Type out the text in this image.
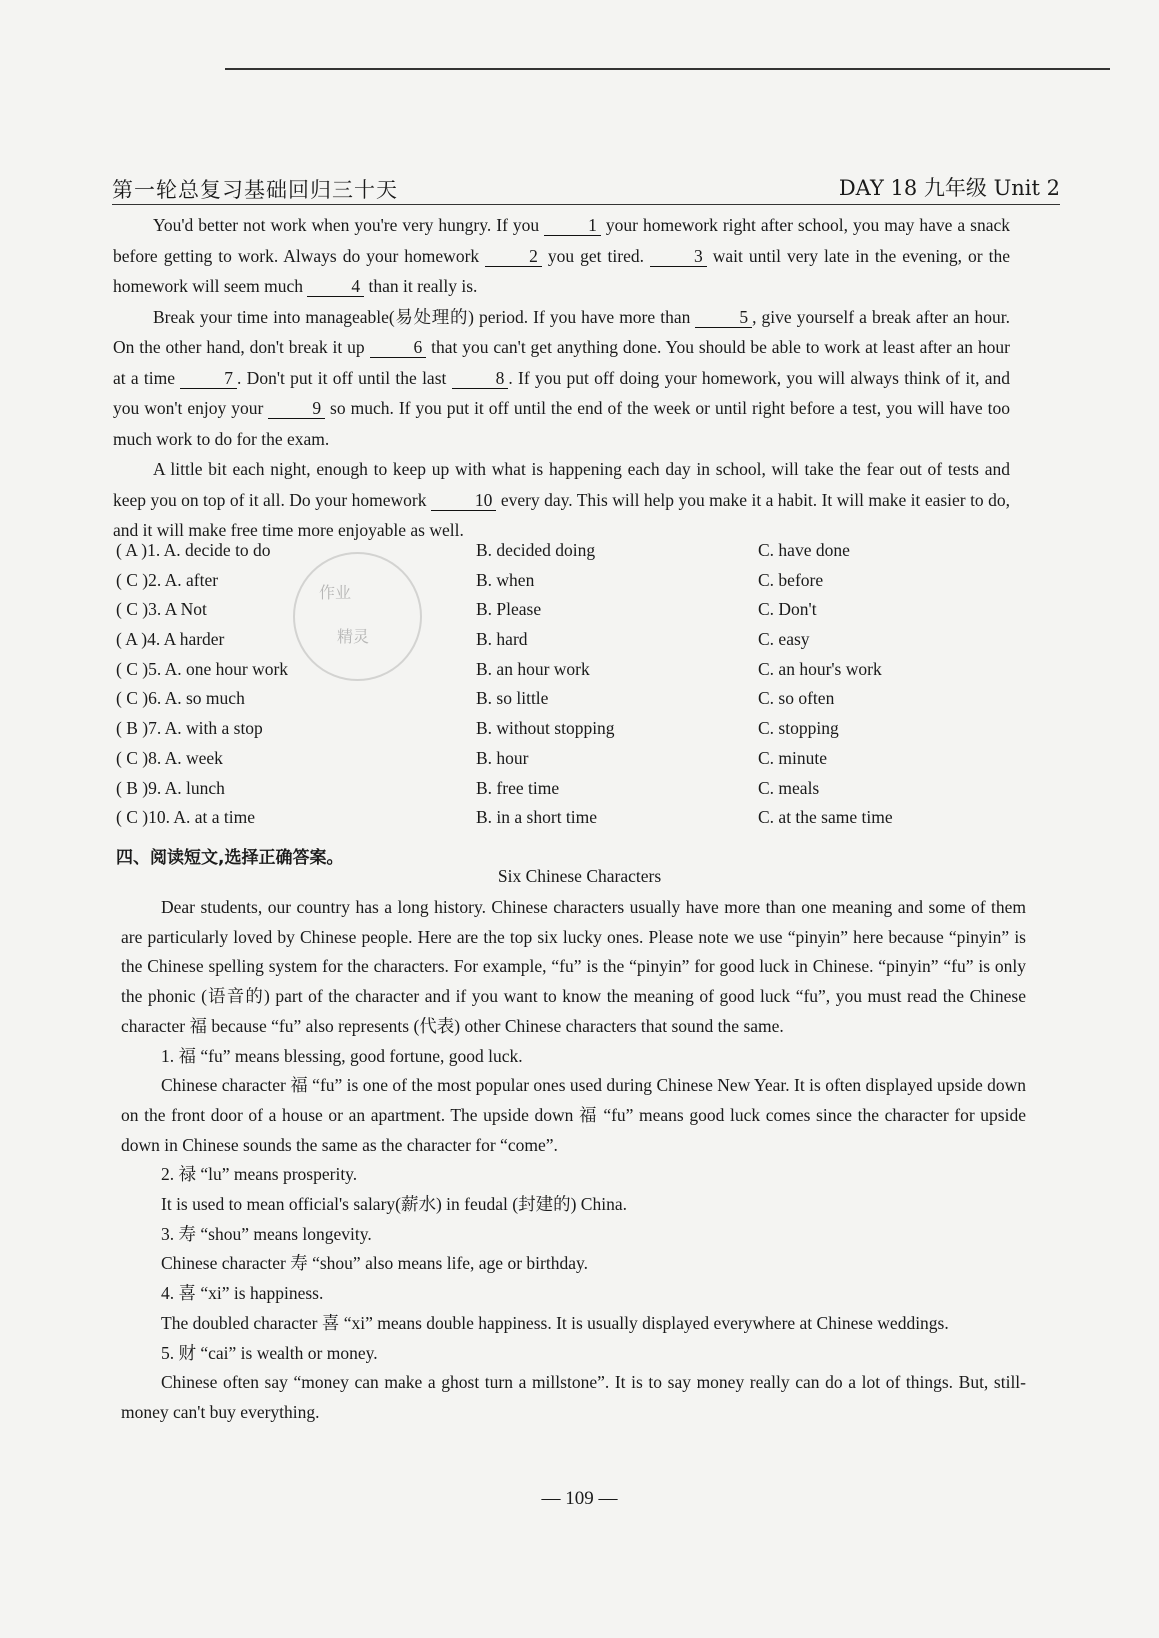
第一轮总复习基础回归三十天	DAY 18 九年级 Unit 2

You'd better not work when you're very hungry. If you	1 your homework right after school, you may have a snack before getting to work. Always do your homework	2 you get tired.	3 wait until very late in the evening, or the homework will seem much	4 than it really is.

Break your time into manageable(易处理的) period. If you have more than	5 , give yourself a break after an hour. On the other hand, don't break it up	6 that you can't get anything done. You should be able to work at least after an hour at a time	7 . Don't put it off until the last	8 . If you put off doing your homework, you will always think of it, and you won't enjoy your	9 so much. If you put it off until the end of the week or until right before a test, you will have too much work to do for the exam.

A little bit each night, enough to keep up with what is happening each day in school, will take the fear out of tests and keep you on top of it all. Do your homework	10 every day. This will help you make it a habit. It will make it easier to do, and it will make free time more enjoyable as well.

作业
精灵
( A )1. A. decide to do	B. decided doing	C. have done
( C )2. A. after	B. when	C. before
( C )3. A Not	B. Please	C. Don't
( A )4. A harder	B. hard	C. easy
( C )5. A. one hour work	B. an hour work	C. an hour's work
( C )6. A. so much	B. so little	C. so often
( B )7. A. with a stop	B. without stopping	C. stopping
( C )8. A. week	B. hour	C. minute
( B )9. A. lunch	B. free time	C. meals
( C )10. A. at a time	B. in a short time	C. at the same time
四、阅读短文,选择正确答案。
Six Chinese Characters

Dear students, our country has a long history. Chinese characters usually have more than one meaning and some of them are particularly loved by Chinese people. Here are the top six lucky ones. Please note we use “pinyin” here because “pinyin” is the Chinese spelling system for the characters. For example, “fu” is the “pinyin” for good luck in Chinese. “pinyin” “fu” is only the phonic (语音的) part of the character and if you want to know the meaning of good luck “fu”, you must read the Chinese character 福 because “fu” also represents (代表) other Chinese characters that sound the same.

1. 福 “fu” means blessing, good fortune, good luck.

Chinese character 福 “fu” is one of the most popular ones used during Chinese New Year. It is often displayed upside down on the front door of a house or an apartment. The upside down 福 “fu” means good luck comes since the character for upside down in Chinese sounds the same as the character for “come”.

2. 禄 “lu” means prosperity.

It is used to mean official's salary(薪水) in feudal (封建的) China.

3. 寿 “shou” means longevity.

Chinese character 寿 “shou” also means life, age or birthday.

4. 喜 “xi” is happiness.

The doubled character 喜 “xi” means double happiness. It is usually displayed everywhere at Chinese weddings.

5. 财 “cai” is wealth or money.

Chinese often say “money can make a ghost turn a millstone”. It is to say money really can do a lot of things. But, still-money can't buy everything.

— 109 —
